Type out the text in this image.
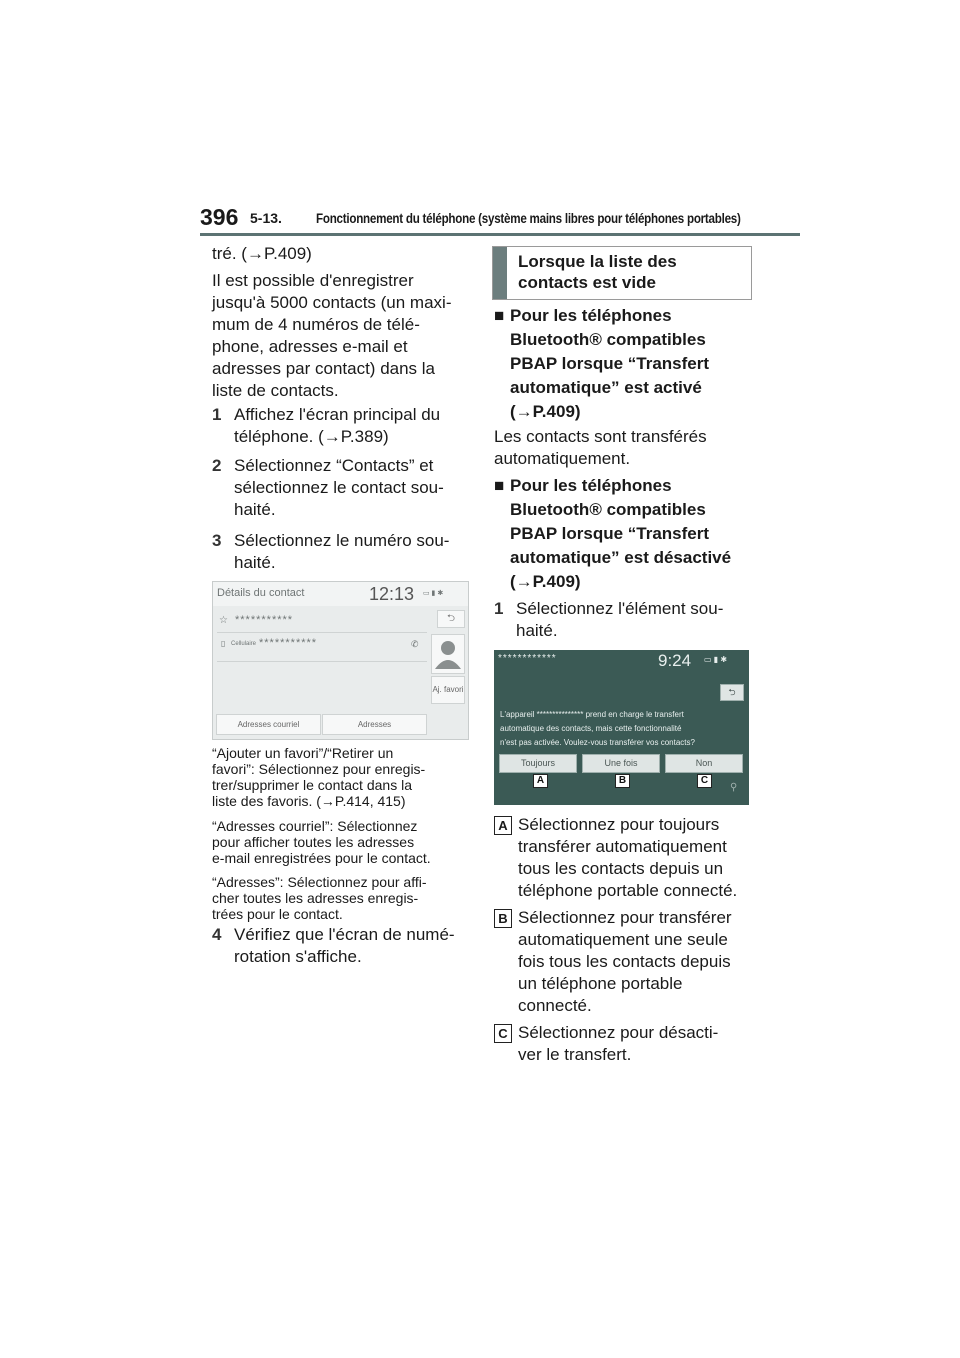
396 5-13. Fonctionnement du téléphone (système mains libres pour téléphones portables)
tré. (→P.409)
Il est possible d'enregistrer
jusqu'à 5000 contacts (un maxi-
mum de 4 numéros de télé-
phone, adresses e-mail et
adresses par contact) dans la
liste de contacts.
1 Affichez l'écran principal du
téléphone. (→P.389)
2 Sélectionnez “Contacts” et
sélectionnez le contact sou-
haité.
3 Sélectionnez le numéro sou-
haité.
Détails du contact	12:13 ▭ ▮ ✱
☆ ***********	⮌
▯ Cellulaire ***********	✆
Aj. favori
Adresses courriel	Adresses
“Ajouter un favori”/“Retirer un
favori”: Sélectionnez pour enregis-
trer/supprimer le contact dans la
liste des favoris. (→P.414, 415)
“Adresses courriel”: Sélectionnez
pour afficher toutes les adresses
e-mail enregistrées pour le contact.
“Adresses”: Sélectionnez pour affi-
cher toutes les adresses enregis-
trées pour le contact.
4 Vérifiez que l'écran de numé-
rotation s'affiche.
Lorsque la liste des
contacts est vide
■ Pour les téléphones
Bluetooth® compatibles
PBAP lorsque “Transfert
automatique” est activé
(→P.409)
Les contacts sont transférés
automatiquement.
■ Pour les téléphones
Bluetooth® compatibles
PBAP lorsque “Transfert
automatique” est désactivé
(→P.409)
1 Sélectionnez l'élément sou-
haité.
************	9:24 ▭ ▮ ✱
⮌
L'appareil *************** prend en charge le transfert
automatique des contacts, mais cette fonctionnalité
n'est pas activée. Voulez-vous transférer vos contacts?
Toujours	Une fois	Non
A	B	C
⚲
A Sélectionnez pour toujours
transférer automatiquement
tous les contacts depuis un
téléphone portable connecté.
B Sélectionnez pour transférer
automatiquement une seule
fois tous les contacts depuis
un téléphone portable
connecté.
C Sélectionnez pour désacti-
ver le transfert.
